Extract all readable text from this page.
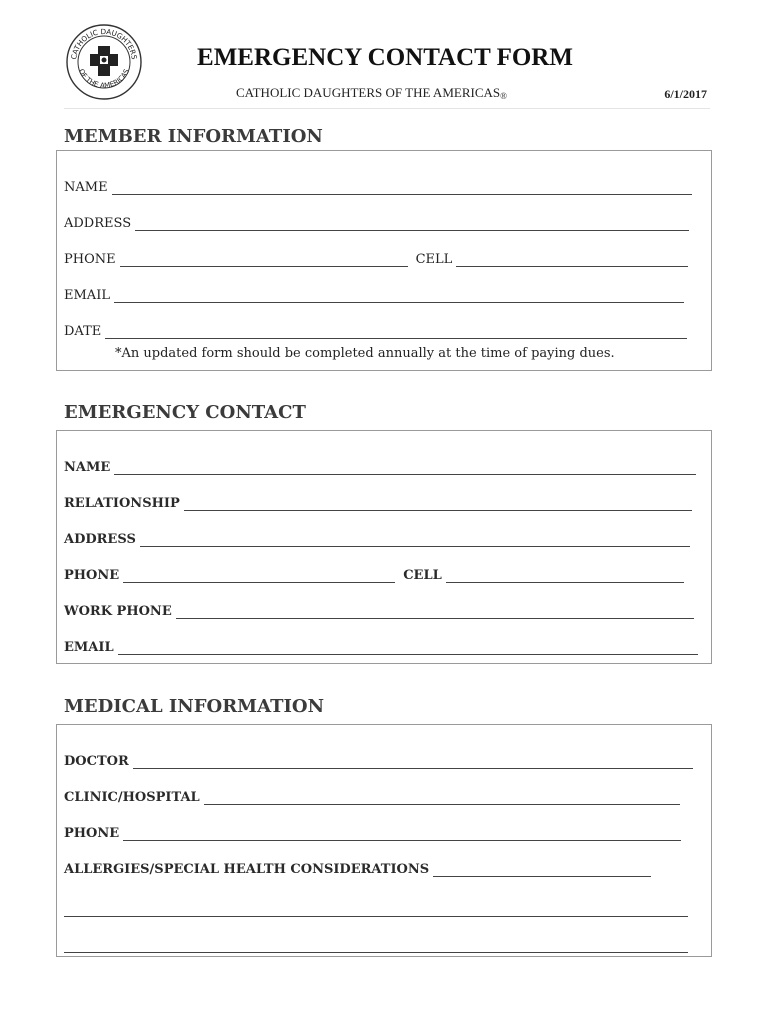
CATHOLIC DAUGHTERS
OF THE AMERICAS
EMERGENCY CONTACT FORM
CATHOLIC DAUGHTERS OF THE AMERICAS®	6/1/2017
MEMBER INFORMATION
NAME
ADDRESS
PHONE	CELL
EMAIL
DATE
*An updated form should be completed annually at the time of paying dues.
EMERGENCY CONTACT
NAME
RELATIONSHIP
ADDRESS
PHONE	CELL
WORK PHONE
EMAIL
MEDICAL INFORMATION
DOCTOR
CLINIC/HOSPITAL
PHONE
ALLERGIES/SPECIAL HEALTH CONSIDERATIONS
